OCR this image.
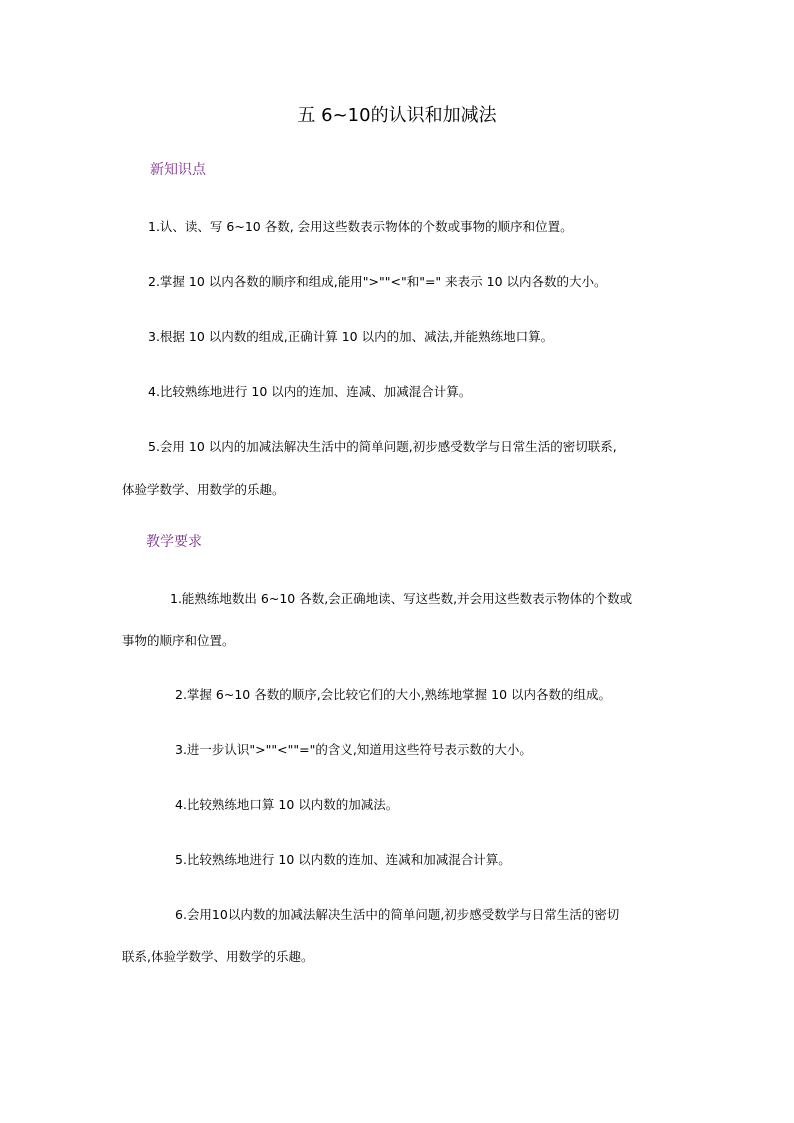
五 6~10的认识和加减法
新知识点
1.认、读、写 6~10 各数, 会用这些数表示物体的个数或事物的顺序和位置。
2.掌握 10 以内各数的顺序和组成,能用">""<"和"=" 来表示 10 以内各数的大小。
3.根据 10 以内数的组成,正确计算 10 以内的加、减法,并能熟练地口算。
4.比较熟练地进行 10 以内的连加、连减、加减混合计算。
5.会用 10 以内的加减法解决生活中的简单问题,初步感受数学与日常生活的密切联系,
体验学数学、用数学的乐趣。
教学要求
1.能熟练地数出 6~10 各数,会正确地读、写这些数,并会用这些数表示物体的个数或
事物的顺序和位置。
2.掌握 6~10 各数的顺序,会比较它们的大小,熟练地掌握 10 以内各数的组成。
3.进一步认识">""<""="的含义,知道用这些符号表示数的大小。
4.比较熟练地口算 10 以内数的加减法。
5.比较熟练地进行 10 以内数的连加、连减和加减混合计算。
6.会用10以内数的加减法解决生活中的简单问题,初步感受数学与日常生活的密切
联系,体验学数学、用数学的乐趣。
